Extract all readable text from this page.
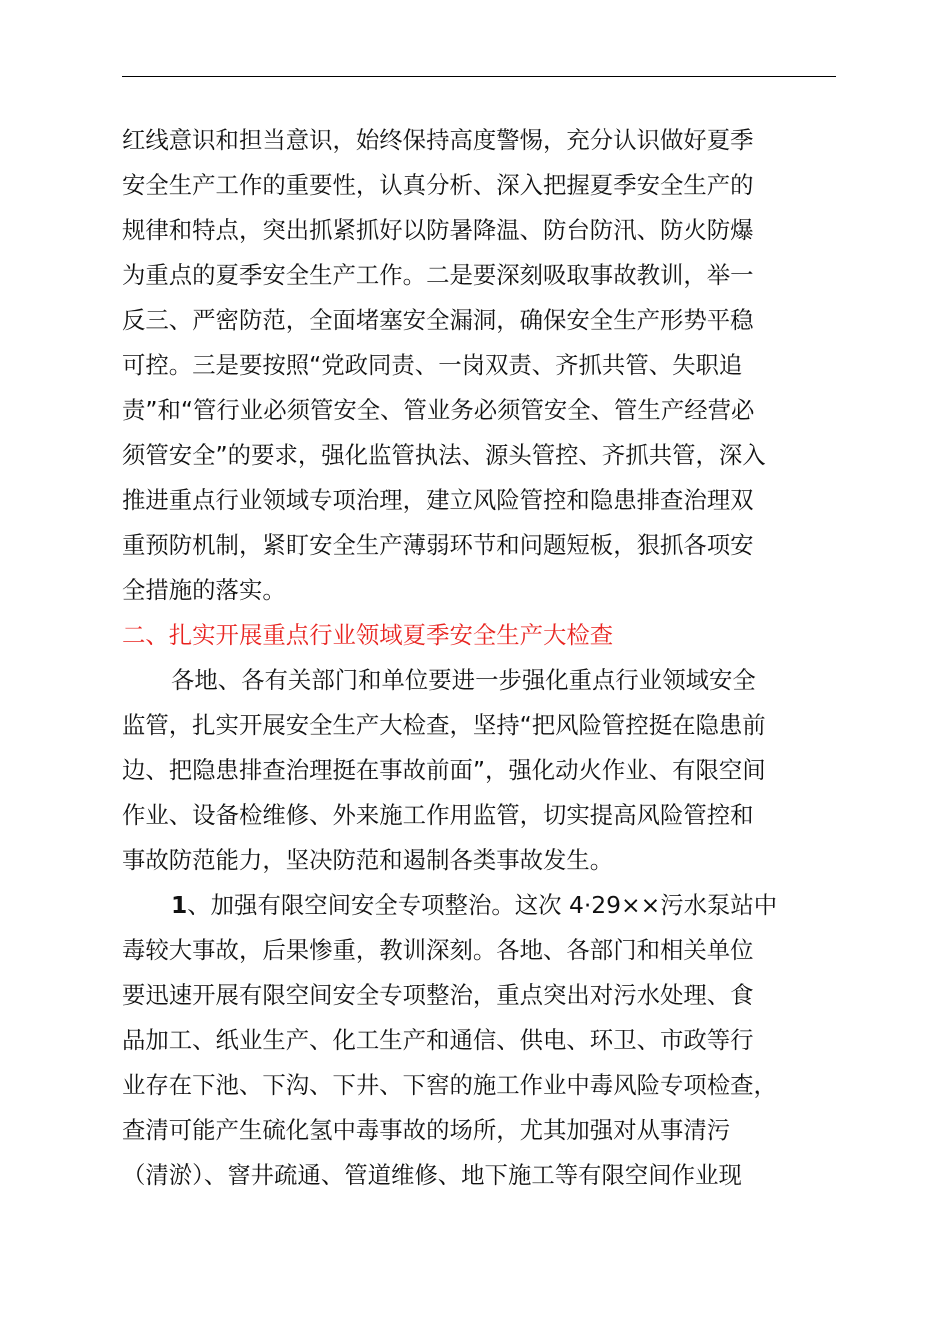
红线意识和担当意识，始终保持高度警惕，充分认识做好夏季
安全生产工作的重要性，认真分析、深入把握夏季安全生产的
规律和特点，突出抓紧抓好以防暑降温、防台防汛、防火防爆
为重点的夏季安全生产工作。二是要深刻吸取事故教训，举一
反三、严密防范，全面堵塞安全漏洞，确保安全生产形势平稳
可控。三是要按照“党政同责、一岗双责、齐抓共管、失职追
责”和“管行业必须管安全、管业务必须管安全、管生产经营必
须管安全”的要求，强化监管执法、源头管控、齐抓共管，深入
推进重点行业领域专项治理，建立风险管控和隐患排查治理双
重预防机制，紧盯安全生产薄弱环节和问题短板，狠抓各项安
全措施的落实。

二、扎实开展重点行业领域夏季安全生产大检查

各地、各有关部门和单位要进一步强化重点行业领域安全
监管，扎实开展安全生产大检查，坚持“把风险管控挺在隐患前
边、把隐患排查治理挺在事故前面”，强化动火作业、有限空间
作业、设备检维修、外来施工作用监管，切实提高风险管控和
事故防范能力，坚决防范和遏制各类事故发生。

1、加强有限空间安全专项整治。这次 4·29××污水泵站中
毒较大事故，后果惨重，教训深刻。各地、各部门和相关单位
要迅速开展有限空间安全专项整治，重点突出对污水处理、食
品加工、纸业生产、化工生产和通信、供电、环卫、市政等行
业存在下池、下沟、下井、下窖的施工作业中毒风险专项检查，
查清可能产生硫化氢中毒事故的场所，尤其加强对从事清污
（清淤）、窨井疏通、管道维修、地下施工等有限空间作业现
